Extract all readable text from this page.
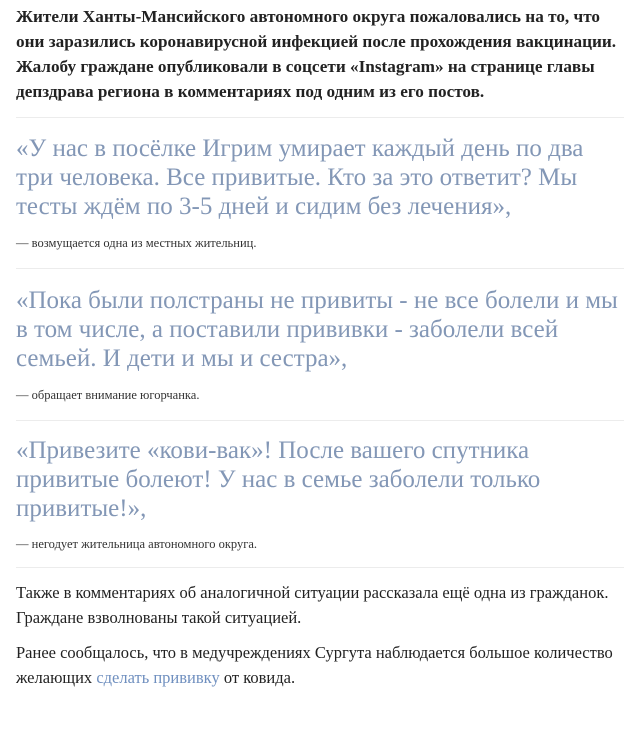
Жители Ханты-Мансийского автономного округа пожаловались на то, что они заразились коронавирусной инфекцией после прохождения вакцинации. Жалобу граждане опубликовали в соцсети «Instagram» на странице главы депздрава региона в комментариях под одним из его постов.

«У нас в посёлке Игрим умирает каждый день по два три человека. Все привитые. Кто за это ответит? Мы тесты ждём по 3-5 дней и сидим без лечения»,

— возмущается одна из местных жительниц.

«Пока были полстраны не привиты - не все болели и мы в том числе, а поставили прививки - заболели всей семьей. И дети и мы и сестра»,

— обращает внимание югорчанка.

«Привезите «кови-вак»! После вашего спутника привитые болеют! У нас в семье заболели только привитые!»,

— негодует жительница автономного округа.

Также в комментариях об аналогичной ситуации рассказала ещё одна из гражданок. Граждане взволнованы такой ситуацией.

Ранее сообщалось, что в медучреждениях Сургута наблюдается большое количество желающих сделать прививку от ковида.
